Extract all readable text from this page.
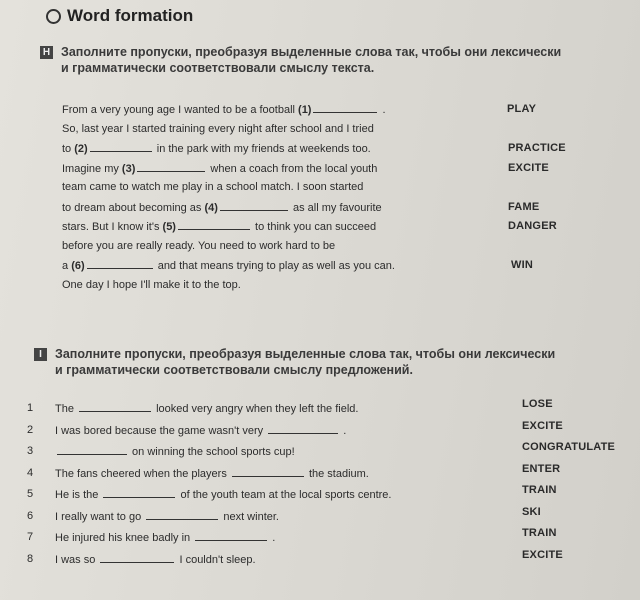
Word formation
H Заполните пропуски, преобразуя выделенные слова так, чтобы они лексически
и грамматически соответствовали смыслу текста.
From a very young age I wanted to be a football (1)	.
So, last year I started training every night after school and I tried
to (2)	in the park with my friends at weekends too.
Imagine my (3)	when a coach from the local youth
team came to watch me play in a school match. I soon started
to dream about becoming as (4)	as all my favourite
stars. But I know it's (5)	to think you can succeed
before you are really ready. You need to work hard to be
a (6)	and that means trying to play as well as you can.
One day I hope I'll make it to the top.
PLAY
PRACTICE
EXCITE
FAME
DANGER
WIN
I	Заполните пропуски, преобразуя выделенные слова так, чтобы они лексически
и грамматически соответствовали смыслу предложений.
1 The	looked very angry when they left the field.	LOSE
2 I was bored because the game wasn't very	.	EXCITE
3	on winning the school sports cup!	CONGRATULATE
4 The fans cheered when the players	the stadium.	ENTER
5 He is the	of the youth team at the local sports centre.	TRAIN
6 I really want to go	next winter.	SKI
7 He injured his knee badly in	.	TRAIN
8 I was so	I couldn't sleep.	EXCITE
